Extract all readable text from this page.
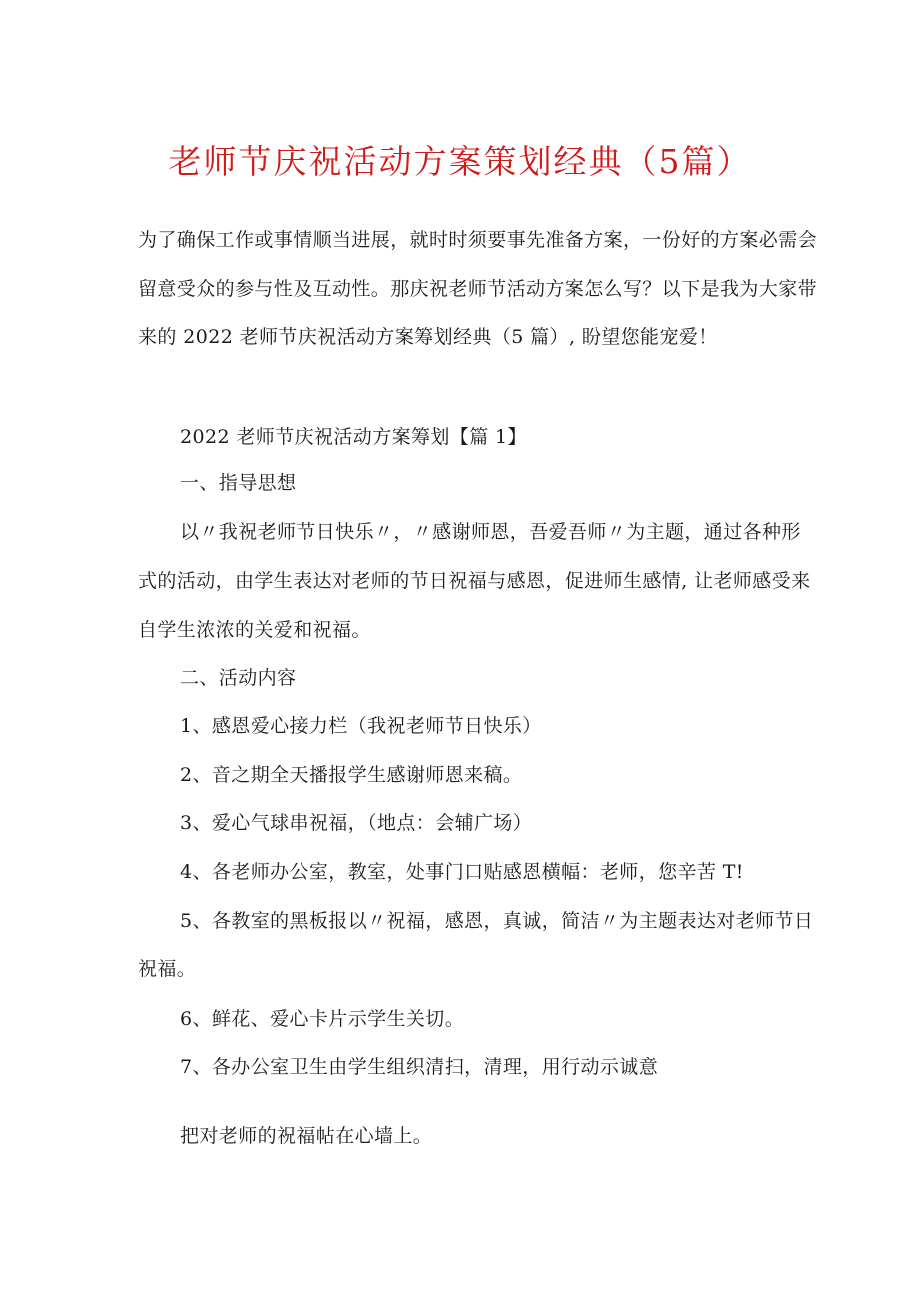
老师节庆祝活动方案策划经典（5篇）
为了确保工作或事情顺当进展，就时时须要事先准备方案，一份好的方案必需会
留意受众的参与性及互动性。那庆祝老师节活动方案怎么写？以下是我为大家带
来的 2022 老师节庆祝活动方案筹划经典（5 篇）, 盼望您能宠爱！
2022 老师节庆祝活动方案筹划【篇 1】
一、指导思想
以〃我祝老师节日快乐〃，〃感谢师恩，吾爱吾师〃为主题，通过各种形
式的活动，由学生表达对老师的节日祝福与感恩，促进师生感情, 让老师感受来
自学生浓浓的关爱和祝福。
二、活动内容
1、感恩爱心接力栏（我祝老师节日快乐）
2、音之期全天播报学生感谢师恩来稿。
3、爱心气球串祝福，（地点：会辅广场）
4、各老师办公室，教室，处事门口贴感恩横幅：老师，您辛苦 T!
5、各教室的黑板报以〃祝福，感恩，真诚，简洁〃为主题表达对老师节日
祝福。
6、鲜花、爱心卡片示学生关切。
7、各办公室卫生由学生组织清扫，清理，用行动示诚意
把对老师的祝福帖在心墙上。
